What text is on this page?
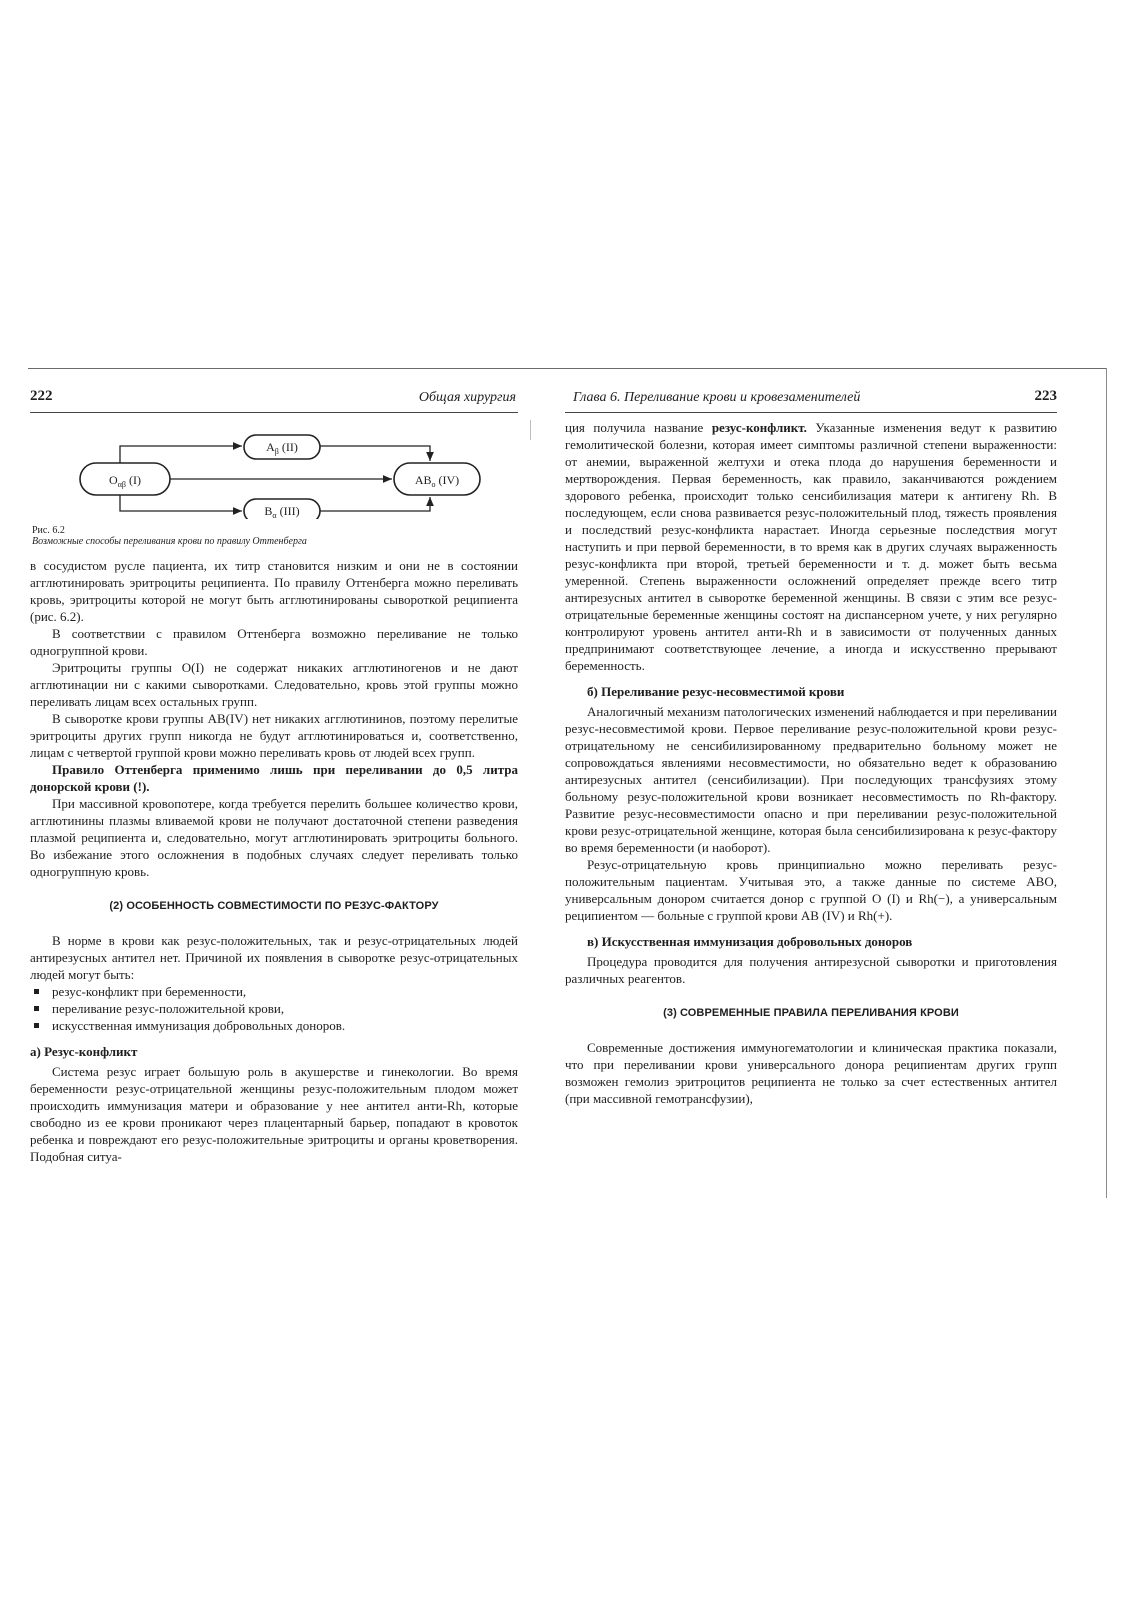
222	Общая хирургия
$O_{\alpha\beta}$ (I)
$A_\beta$ (II)
$B_\alpha$ (III)
$AB_o$ (IV)
Рис. 6.2
Возможные способы переливания крови по правилу Оттенберга

в сосудистом русле пациента, их титр становится низким и они не в состоянии агглютинировать эритроциты реципиента. По правилу Оттенберга можно переливать кровь, эритроциты которой не могут быть агглютинированы сывороткой реципиента (рис. 6.2).

В соответствии с правилом Оттенберга возможно переливание не только одногруппной крови.

Эритроциты группы O(I) не содержат никаких агглютиногенов и не дают агглютинации ни с какими сыворотками. Следовательно, кровь этой группы можно переливать лицам всех остальных групп.

В сыворотке крови группы AB(IV) нет никаких агглютининов, поэтому перелитые эритроциты других групп никогда не будут агглютинироваться и, соответственно, лицам с четвертой группой крови можно переливать кровь от людей всех групп.

Правило Оттенберга применимо лишь при переливании до 0,5 литра донорской крови (!).

При массивной кровопотере, когда требуется перелить большее количество крови, агглютинины плазмы вливаемой крови не получают достаточной степени разведения плазмой реципиента и, следовательно, могут агглютинировать эритроциты больного. Во избежание этого осложнения в подобных случаях следует переливать только одногруппную кровь.

(2) ОСОБЕННОСТЬ СОВМЕСТИМОСТИ ПО РЕЗУС-ФАКТОРУ

В норме в крови как резус-положительных, так и резус-отрицательных людей антирезусных антител нет. Причиной их появления в сыворотке резус-отрицательных людей могут быть:

резус-конфликт при беременности,
переливание резус-положительной крови,
искусственная иммунизация добровольных доноров.
а) Резус-конфликт

Система резус играет большую роль в акушерстве и гинекологии. Во время беременности резус-отрицательной женщины резус-положительным плодом может происходить иммунизация матери и образование у нее антител анти-Rh, которые свободно из ее крови проникают через плацентарный барьер, попадают в кровоток ребенка и повреждают его резус-положительные эритроциты и органы кроветворения. Подобная ситуа-

Глава 6. Переливание крови и кровезаменителей	223

ция получила название резус-конфликт. Указанные изменения ведут к развитию гемолитической болезни, которая имеет симптомы различной степени выраженности: от анемии, выраженной желтухи и отека плода до нарушения беременности и мертворождения. Первая беременность, как правило, заканчиваются рождением здорового ребенка, происходит только сенсибилизация матери к антигену Rh. В последующем, если снова развивается резус-положительный плод, тяжесть проявления и последствий резус-конфликта нарастает. Иногда серьезные последствия могут наступить и при первой беременности, в то время как в других случаях выраженность резус-конфликта при второй, третьей беременности и т. д. может быть весьма умеренной. Степень выраженности осложнений определяет прежде всего титр антирезусных антител в сыворотке беременной женщины. В связи с этим все резус-отрицательные беременные женщины состоят на диспансерном учете, у них регулярно контролируют уровень антител анти-Rh и в зависимости от полученных данных предпринимают соответствующее лечение, а иногда и искусственно прерывают беременность.

б) Переливание резус-несовместимой крови

Аналогичный механизм патологических изменений наблюдается и при переливании резус-несовместимой крови. Первое переливание резус-положительной крови резус-отрицательному не сенсибилизированному предварительно больному может не сопровождаться явлениями несовместимости, но обязательно ведет к образованию антирезусных антител (сенсибилизации). При последующих трансфузиях этому больному резус-положительной крови возникает несовместимость по Rh-фактору. Развитие резус-несовместимости опасно и при переливании резус-положительной крови резус-отрицательной женщине, которая была сенсибилизирована к резус-фактору во время беременности (и наоборот).

Резус-отрицательную кровь принципиально можно переливать резус-положительным пациентам. Учитывая это, а также данные по системе АВО, универсальным донором считается донор с группой O (I) и Rh(−), а универсальным реципиентом — больные с группой крови AB (IV) и Rh(+).

в) Искусственная иммунизация добровольных доноров

Процедура проводится для получения антирезусной сыворотки и приготовления различных реагентов.

(3) СОВРЕМЕННЫЕ ПРАВИЛА ПЕРЕЛИВАНИЯ КРОВИ

Современные достижения иммуногематологии и клиническая практика показали, что при переливании крови универсального донора реципиентам других групп возможен гемолиз эритроцитов реципиента не только за счет естественных антител (при массивной гемотрансфузии),
